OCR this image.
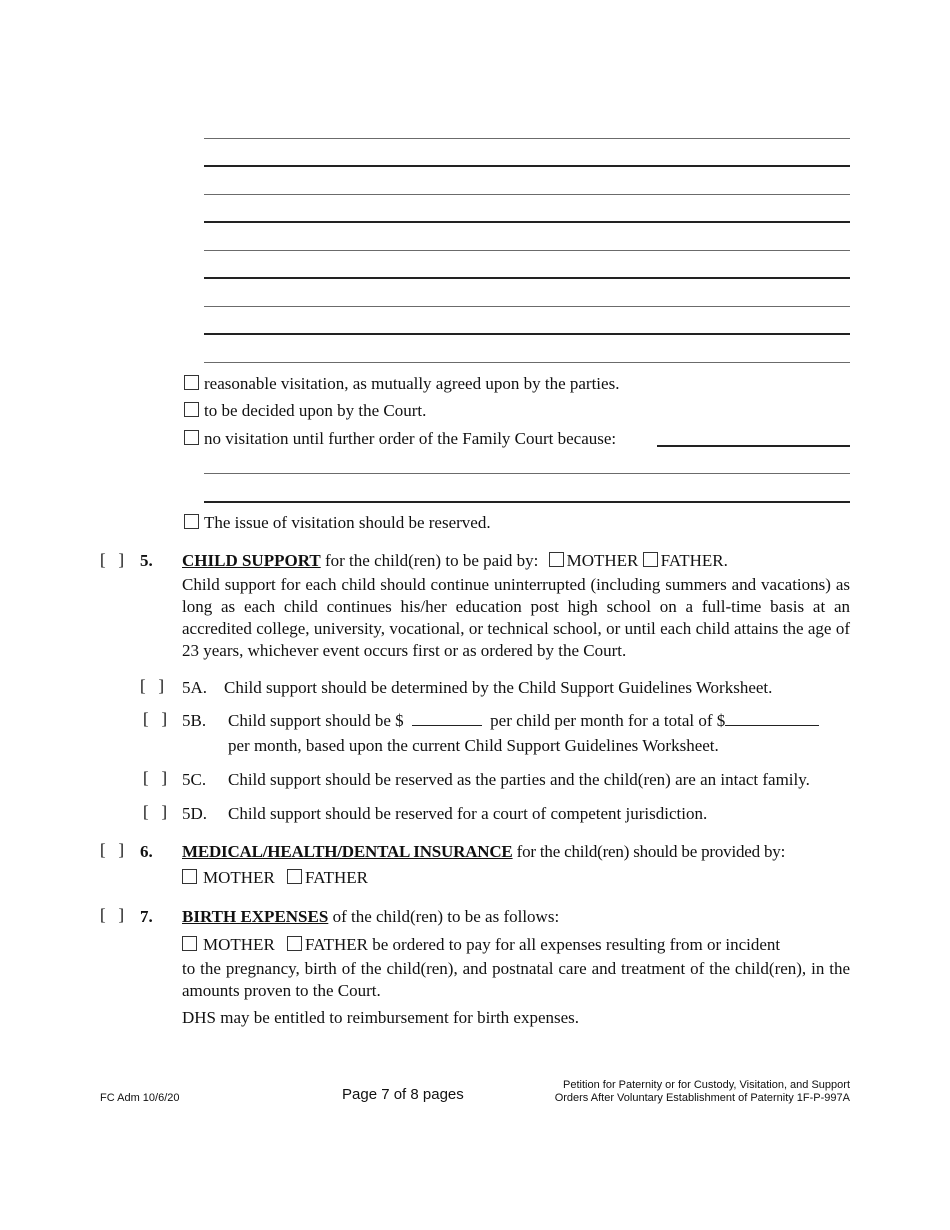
reasonable visitation, as mutually agreed upon by the parties.
to be decided upon by the Court.
no visitation until further order of the Family Court because:
The issue of visitation should be reserved.
[   ] 5. CHILD SUPPORT for the child(ren) to be paid by: MOTHER FATHER.
Child support for each child should continue uninterrupted (including summers and vacations) as long as each child continues his/her education post high school on a full-time basis at an accredited college, university, vocational, or technical school, or until each child attains the age of 23 years, whichever event occurs first or as ordered by the Court.
[   ] 5A. Child support should be determined by the Child Support Guidelines Worksheet.
[   ] 5B. Child support should be $	per child per month for a total of $
per month, based upon the current Child Support Guidelines Worksheet.
[   ] 5C. Child support should be reserved as the parties and the child(ren) are an intact family.
[   ] 5D. Child support should be reserved for a court of competent jurisdiction.
[   ] 6. MEDICAL/HEALTH/DENTAL INSURANCE for the child(ren) should be provided by:
MOTHER FATHER
[   ] 7. BIRTH EXPENSES of the child(ren) to be as follows:
MOTHER FATHER be ordered to pay for all expenses resulting from or incident
to the pregnancy, birth of the child(ren), and postnatal care and treatment of the child(ren), in the amounts proven to the Court.
DHS may be entitled to reimbursement for birth expenses.
FC Adm 10/6/20	Page 7 of 8 pages
Petition for Paternity or for Custody, Visitation, and Support
Orders After Voluntary Establishment of Paternity 1F-P-997A
